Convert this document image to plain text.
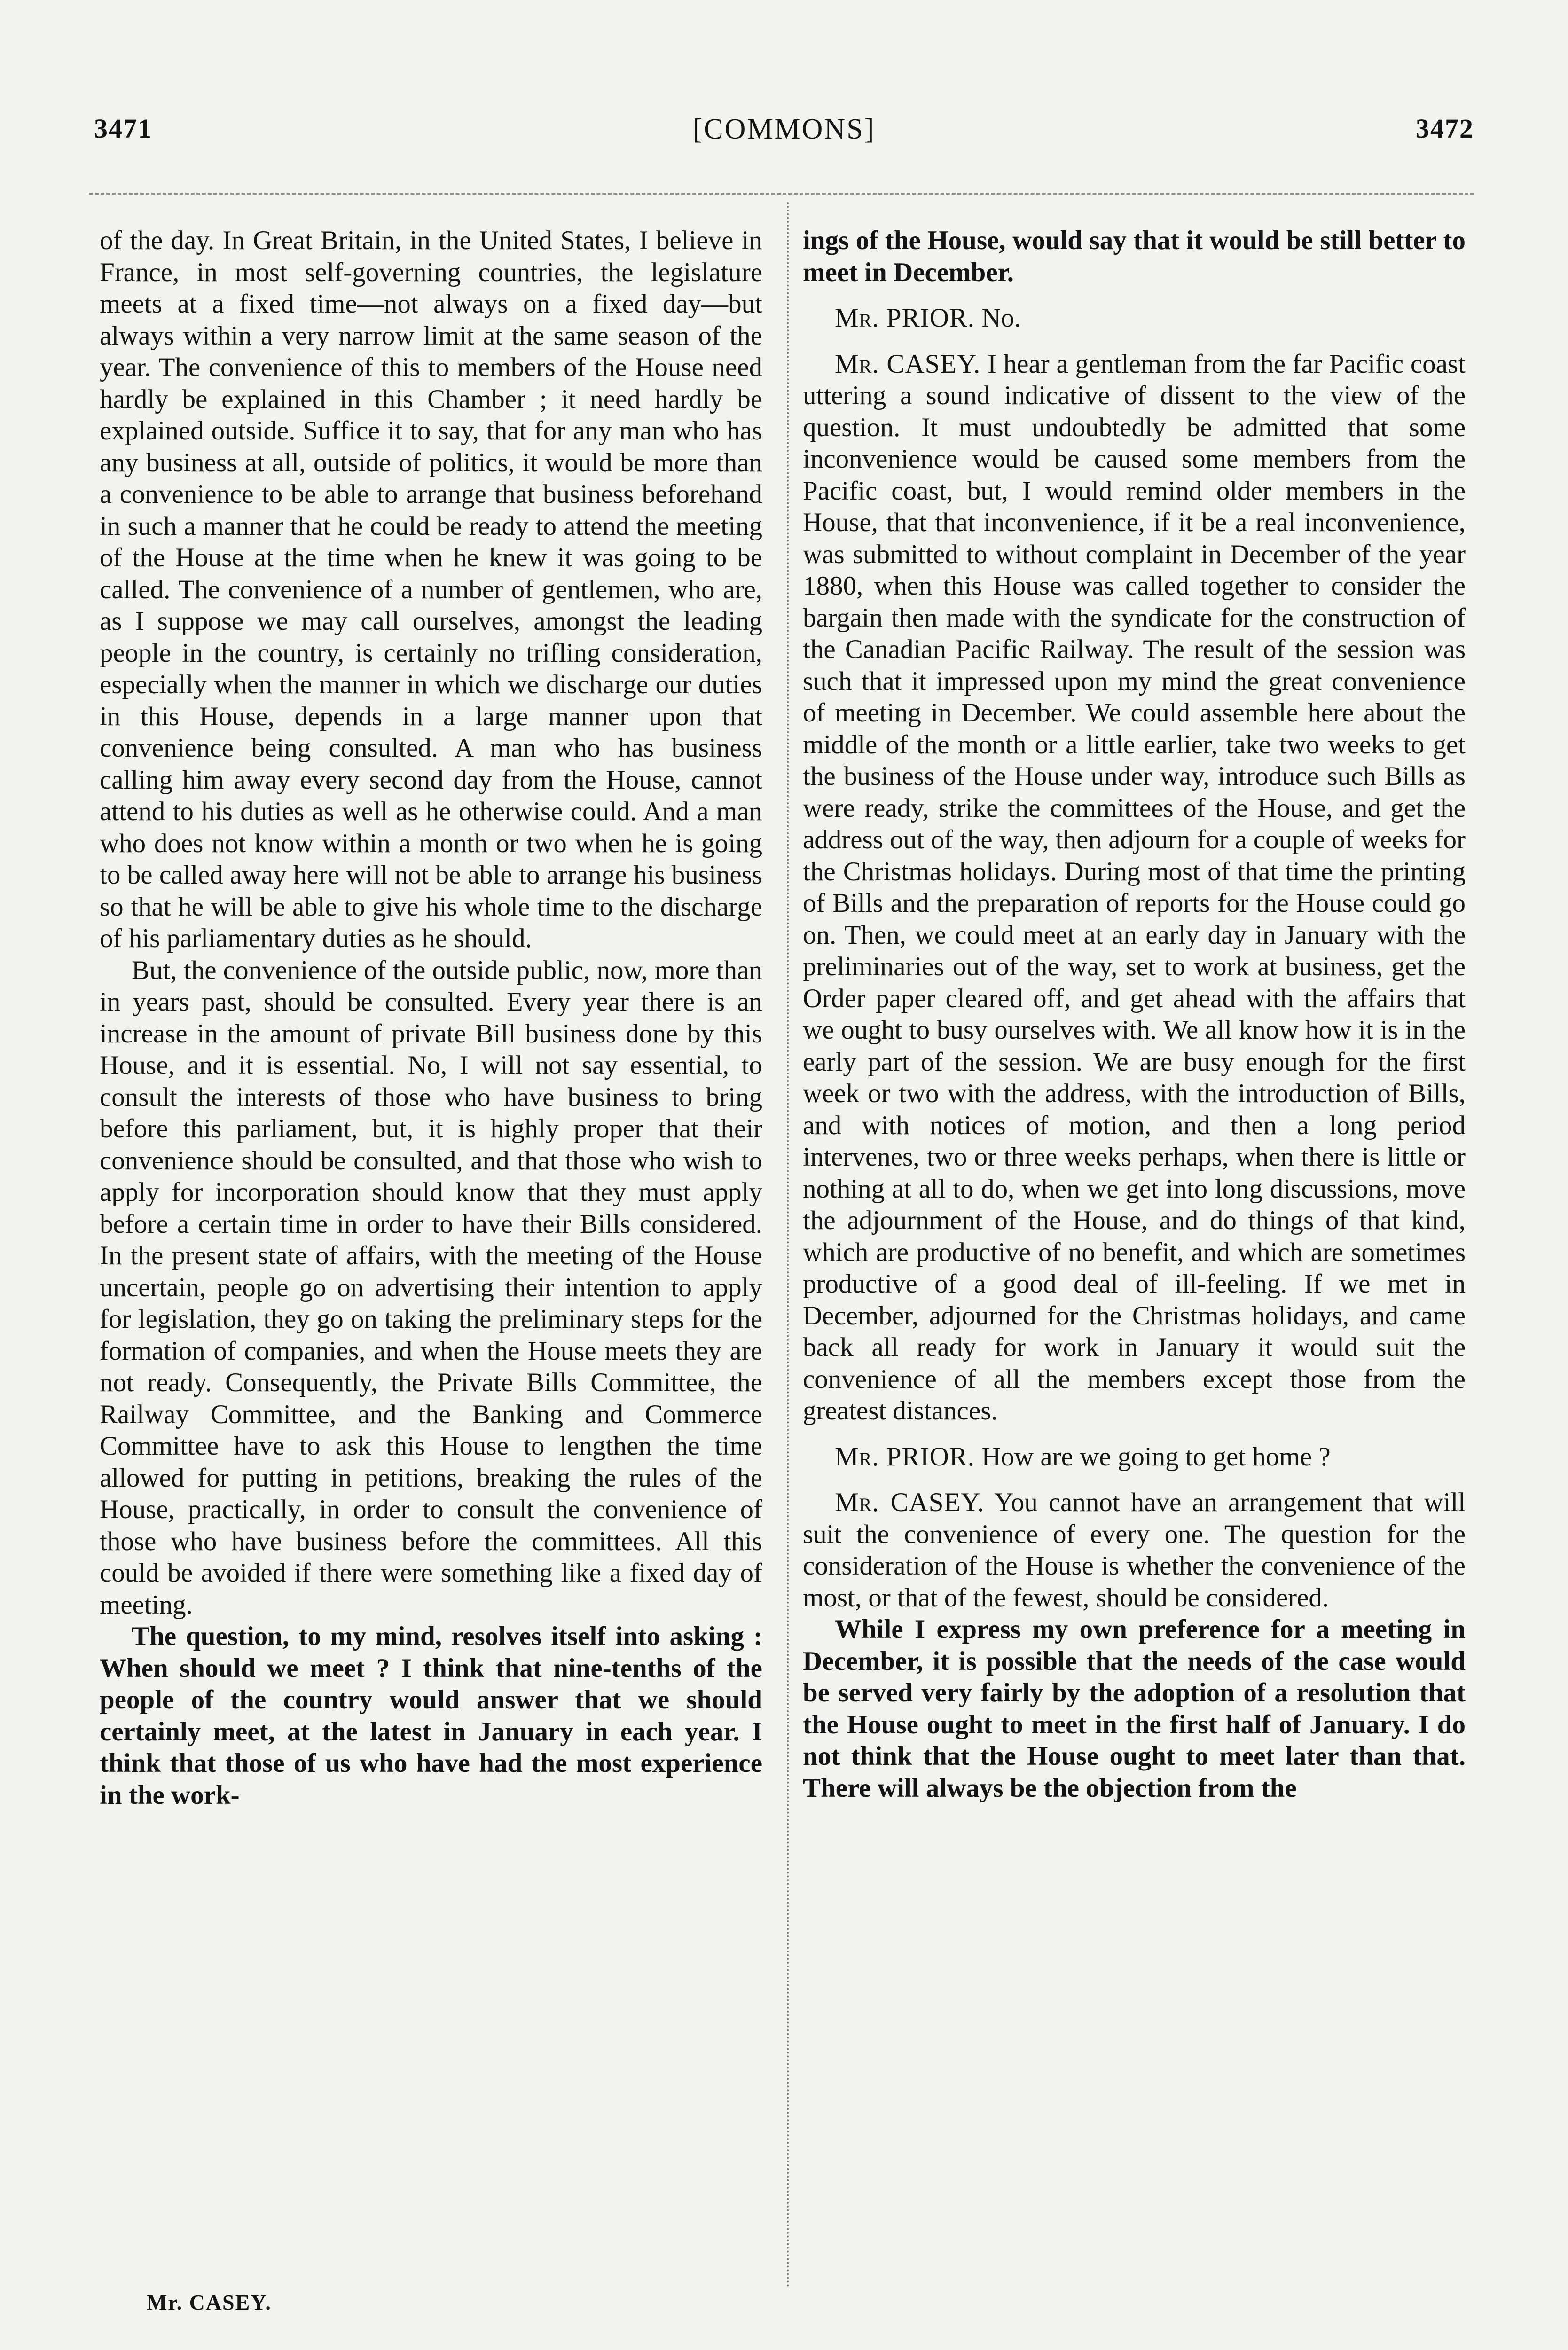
3471	[COMMONS]	3472

of the day. In Great Britain, in the United States, I believe in France, in most self-governing countries, the legislature meets at a fixed time—not always on a fixed day—but always within a very narrow limit at the same season of the year. The convenience of this to members of the House need hardly be explained in this Chamber ; it need hardly be explained outside. Suffice it to say, that for any man who has any business at all, outside of politics, it would be more than a convenience to be able to arrange that business beforehand in such a manner that he could be ready to attend the meeting of the House at the time when he knew it was going to be called. The convenience of a number of gentlemen, who are, as I suppose we may call ourselves, amongst the leading people in the country, is certainly no trifling consideration, especially when the manner in which we discharge our duties in this House, depends in a large manner upon that convenience being consulted. A man who has business calling him away every second day from the House, cannot attend to his duties as well as he otherwise could. And a man who does not know within a month or two when he is going to be called away here will not be able to arrange his business so that he will be able to give his whole time to the discharge of his parliamentary duties as he should.

But, the convenience of the outside public, now, more than in years past, should be consulted. Every year there is an increase in the amount of private Bill business done by this House, and it is essential. No, I will not say essential, to consult the interests of those who have business to bring before this parliament, but, it is highly proper that their convenience should be consulted, and that those who wish to apply for incorporation should know that they must apply before a certain time in order to have their Bills considered. In the present state of affairs, with the meeting of the House uncertain, people go on advertising their intention to apply for legislation, they go on taking the preliminary steps for the formation of companies, and when the House meets they are not ready. Consequently, the Private Bills Committee, the Railway Committee, and the Banking and Commerce Committee have to ask this House to lengthen the time allowed for putting in petitions, breaking the rules of the House, practically, in order to consult the convenience of those who have business before the committees. All this could be avoided if there were something like a fixed day of meeting.

The question, to my mind, resolves itself into asking : When should we meet ? I think that nine-tenths of the people of the country would answer that we should certainly meet, at the latest in January in each year. I think that those of us who have had the most experience in the work-

ings of the House, would say that it would be still better to meet in December.

Mr. PRIOR. No.

Mr. CASEY. I hear a gentleman from the far Pacific coast uttering a sound indicative of dissent to the view of the question. It must undoubtedly be admitted that some inconvenience would be caused some members from the Pacific coast, but, I would remind older members in the House, that that inconvenience, if it be a real inconvenience, was submitted to without complaint in December of the year 1880, when this House was called together to consider the bargain then made with the syndicate for the construction of the Canadian Pacific Railway. The result of the session was such that it impressed upon my mind the great convenience of meeting in December. We could assemble here about the middle of the month or a little earlier, take two weeks to get the business of the House under way, introduce such Bills as were ready, strike the committees of the House, and get the address out of the way, then adjourn for a couple of weeks for the Christmas holidays. During most of that time the printing of Bills and the preparation of reports for the House could go on. Then, we could meet at an early day in January with the preliminaries out of the way, set to work at business, get the Order paper cleared off, and get ahead with the affairs that we ought to busy ourselves with. We all know how it is in the early part of the session. We are busy enough for the first week or two with the address, with the introduction of Bills, and with notices of motion, and then a long period intervenes, two or three weeks perhaps, when there is little or nothing at all to do, when we get into long discussions, move the adjournment of the House, and do things of that kind, which are productive of no benefit, and which are sometimes productive of a good deal of ill-feeling. If we met in December, adjourned for the Christmas holidays, and came back all ready for work in January it would suit the convenience of all the members except those from the greatest distances.

Mr. PRIOR. How are we going to get home ?

Mr. CASEY. You cannot have an arrangement that will suit the convenience of every one. The question for the consideration of the House is whether the convenience of the most, or that of the fewest, should be considered.

While I express my own preference for a meeting in December, it is possible that the needs of the case would be served very fairly by the adoption of a resolution that the House ought to meet in the first half of January. I do not think that the House ought to meet later than that. There will always be the objection from the

Mr. CASEY.
